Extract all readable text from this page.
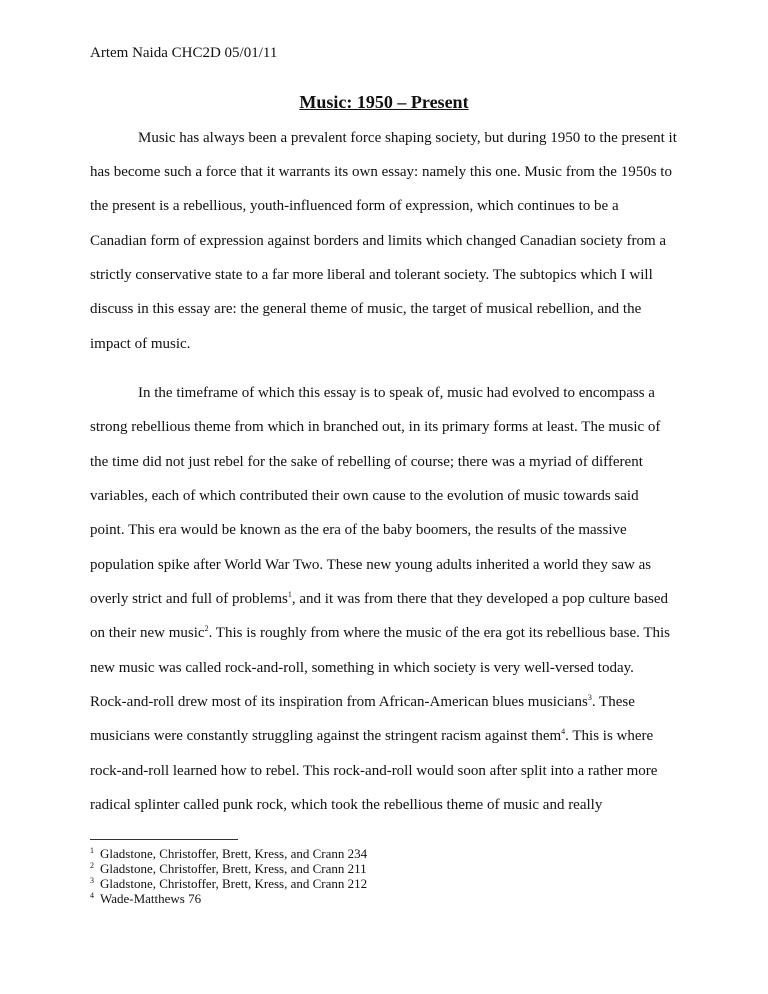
Artem Naida CHC2D 05/01/11
Music: 1950 – Present
Music has always been a prevalent force shaping society, but during 1950 to the present it
has become such a force that it warrants its own essay: namely this one. Music from the 1950s to
the present is a rebellious, youth-influenced form of expression, which continues to be a
Canadian form of expression against borders and limits which changed Canadian society from a
strictly conservative state to a far more liberal and tolerant society. The subtopics which I will
discuss in this essay are: the general theme of music, the target of musical rebellion, and the
impact of music.
In the timeframe of which this essay is to speak of, music had evolved to encompass a
strong rebellious theme from which in branched out, in its primary forms at least. The music of
the time did not just rebel for the sake of rebelling of course; there was a myriad of different
variables, each of which contributed their own cause to the evolution of music towards said
point. This era would be known as the era of the baby boomers, the results of the massive
population spike after World War Two. These new young adults inherited a world they saw as
overly strict and full of problems$^1$, and it was from there that they developed a pop culture based
on their new music$^2$. This is roughly from where the music of the era got its rebellious base. This
new music was called rock-and-roll, something in which society is very well-versed today.
Rock-and-roll drew most of its inspiration from African-American blues musicians$^3$. These
musicians were constantly struggling against the stringent racism against them$^4$. This is where
rock-and-roll learned how to rebel. This rock-and-roll would soon after split into a rather more
radical splinter called punk rock, which took the rebellious theme of music and really
1 Gladstone, Christoffer, Brett, Kress, and Crann 234
2 Gladstone, Christoffer, Brett, Kress, and Crann 211
3 Gladstone, Christoffer, Brett, Kress, and Crann 212
4 Wade-Matthews 76
